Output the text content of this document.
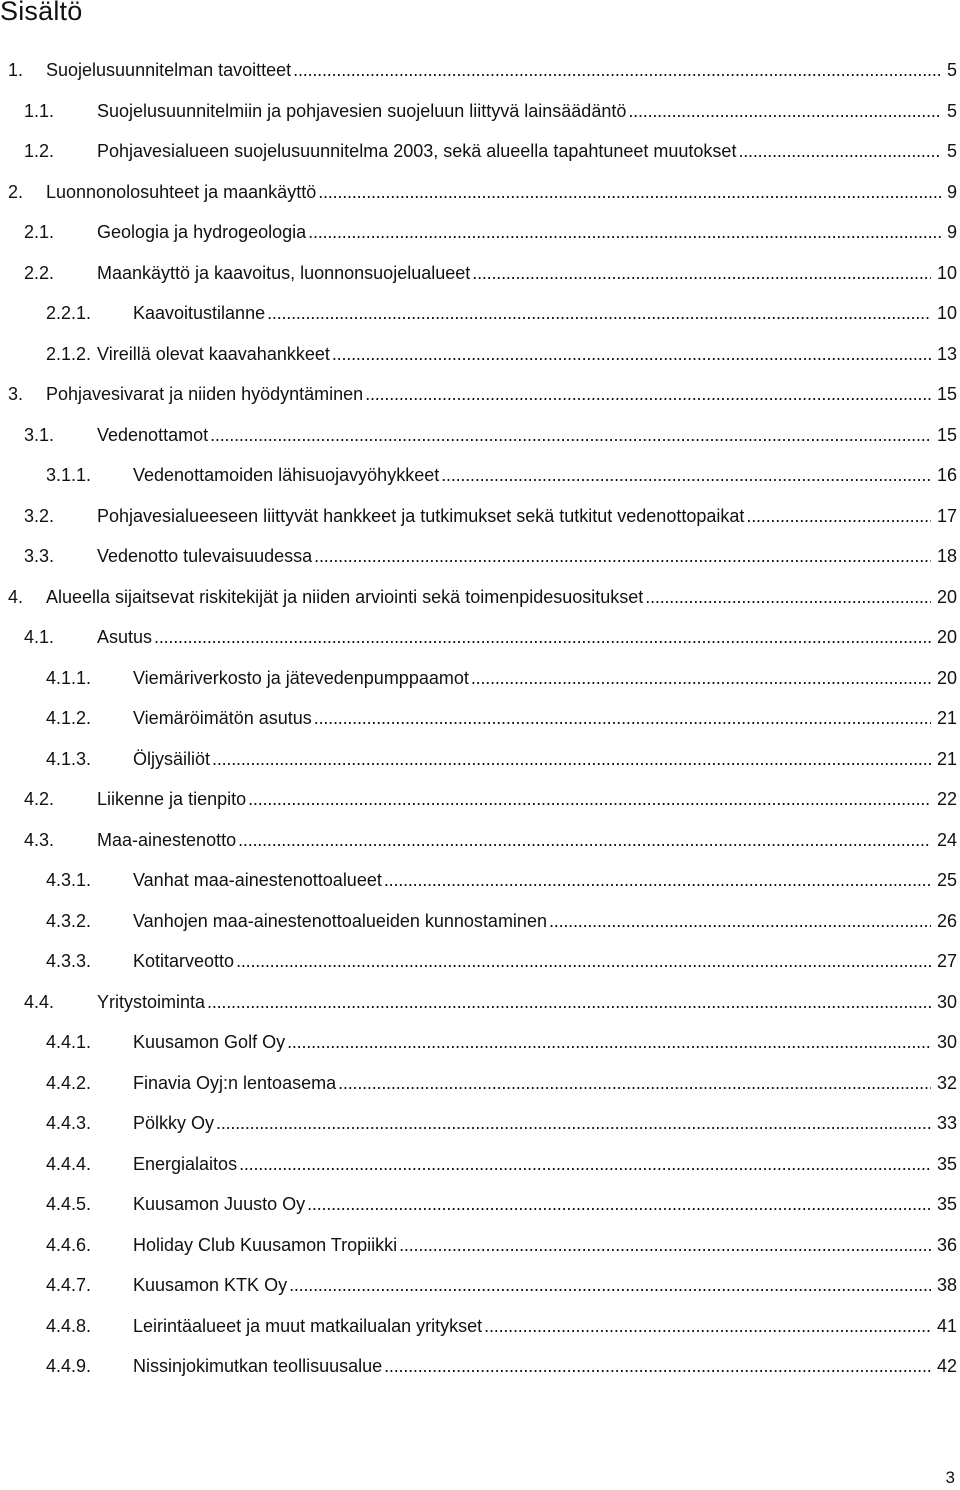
Sisältö
1.	Suojelusuunnitelman tavoitteet . . .	5
1.1.	Suojelusuunnitelmiin ja pohjavesien suojeluun liittyvä lainsäädäntö . . .	5
1.2.	Pohjavesialueen suojelusuunnitelma 2003, sekä alueella tapahtuneet muutokset . . .	5
2.	Luonnonolosuhteet ja maankäyttö . . .	9
2.1.	Geologia ja hydrogeologia . . .	9
2.2.	Maankäyttö ja kaavoitus, luonnonsuojelualueet . . .	10
2.2.1.	Kaavoitustilanne . . .	10
2.1.2. Vireillä olevat kaavahankkeet . . .	13
3.	Pohjavesivarat ja niiden hyödyntäminen . . .	15
3.1.	Vedenottamot . . .	15
3.1.1.	Vedenottamoiden lähisuojavyöhykkeet . . .	16
3.2.	Pohjavesialueeseen liittyvät hankkeet ja tutkimukset sekä tutkitut vedenottopaikat . . .	17
3.3.	Vedenotto tulevaisuudessa . . .	18
4.	Alueella sijaitsevat riskitekijät ja niiden arviointi sekä toimenpidesuositukset . . .	20
4.1.	Asutus . . .	20
4.1.1.	Viemäriverkosto ja jätevedenpumppaamot . . .	20
4.1.2.	Viemäröimätön asutus . . .	21
4.1.3.	Öljysäiliöt . . .	21
4.2.	Liikenne ja tienpito . . .	22
4.3.	Maa-ainestenotto . . .	24
4.3.1.	Vanhat maa-ainestenottoalueet . . .	25
4.3.2.	Vanhojen maa-ainestenottoalueiden kunnostaminen . . .	26
4.3.3.	Kotitarveotto . . .	27
4.4.	Yritystoiminta . . .	30
4.4.1.	Kuusamon Golf Oy . . .	30
4.4.2.	Finavia Oyj:n lentoasema . . .	32
4.4.3.	Pölkky Oy . . .	33
4.4.4.	Energialaitos . . .	35
4.4.5.	Kuusamon Juusto Oy . . .	35
4.4.6.	Holiday Club Kuusamon Tropiikki . . .	36
4.4.7.	Kuusamon KTK Oy . . .	38
4.4.8.	Leirintäalueet ja muut matkailualan yritykset . . .	41
4.4.9.	Nissinjokimutkan teollisuusalue . . .	42
3
